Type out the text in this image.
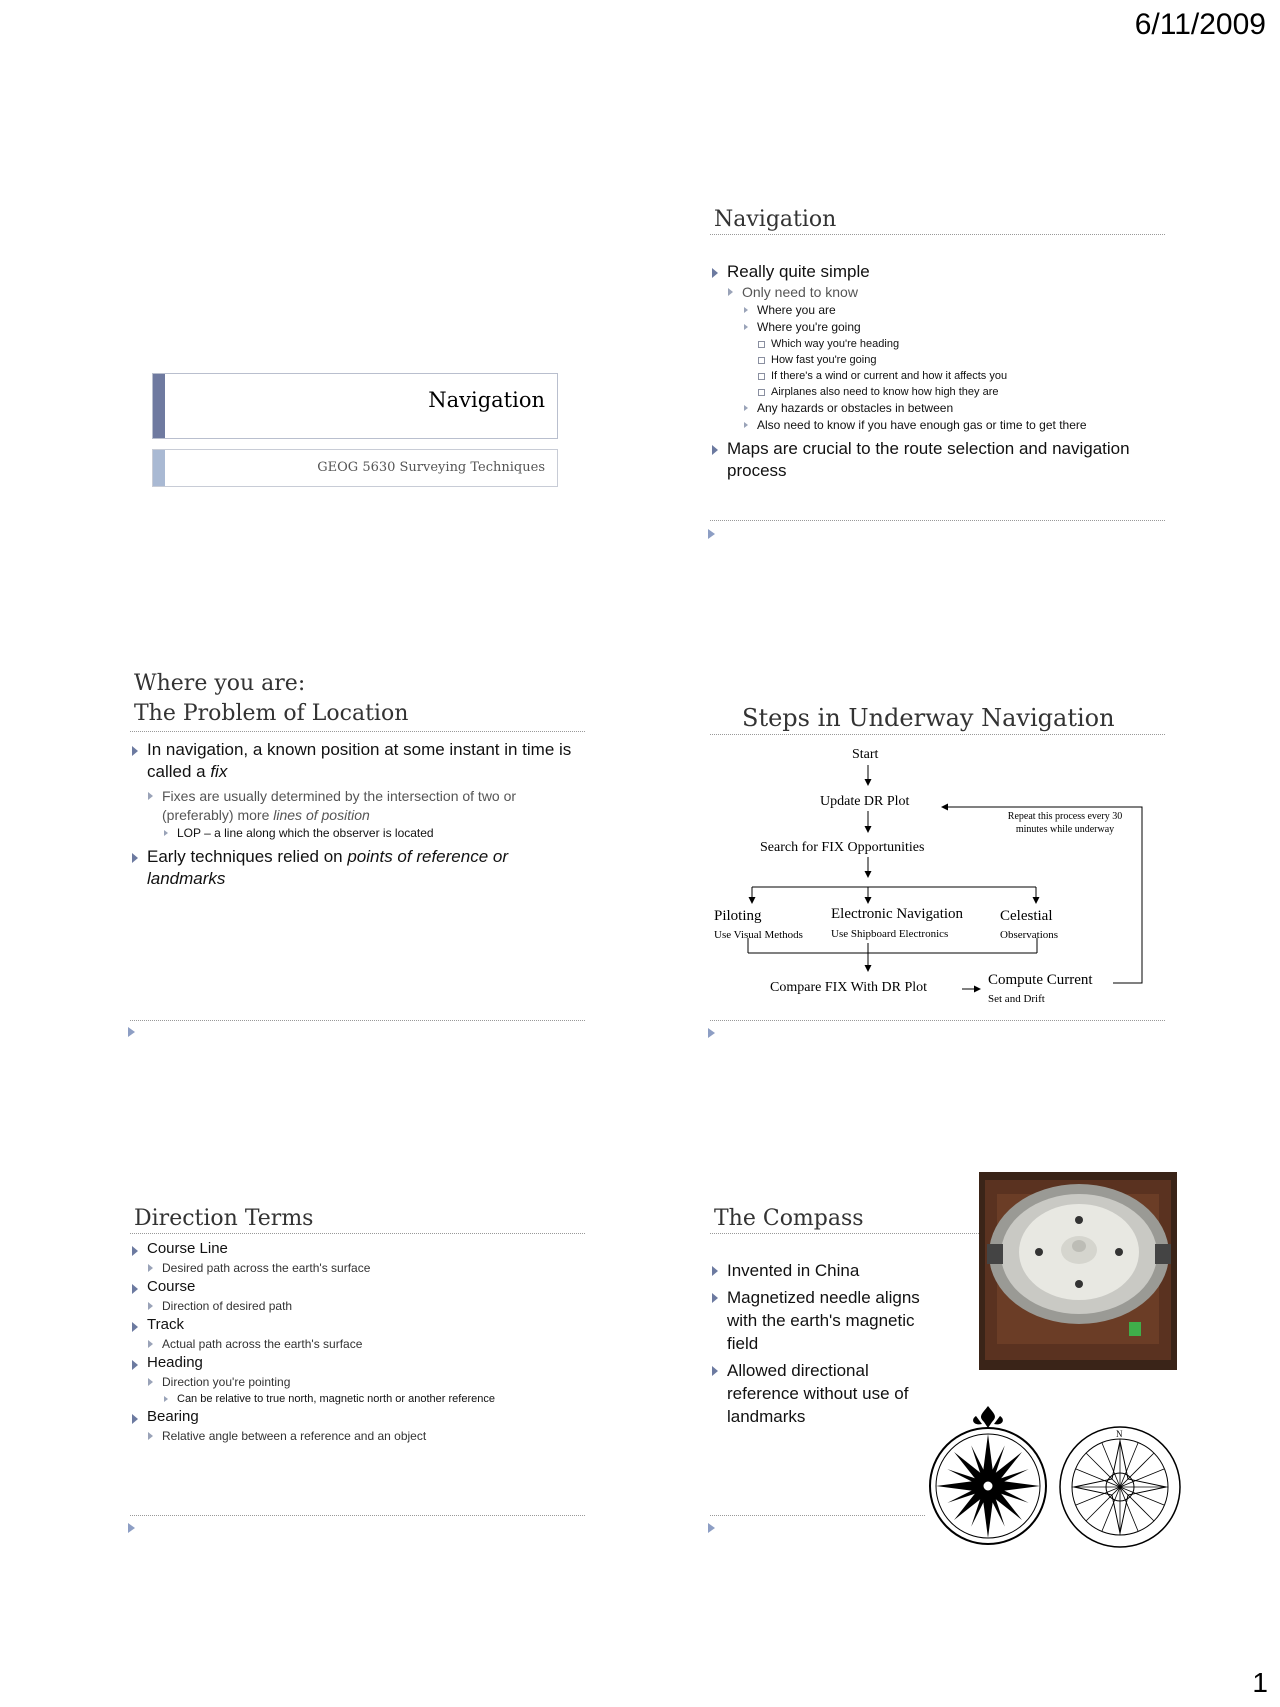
6/11/2009
Navigation
GEOG 5630 Surveying Techniques
Navigation
Really quite simple
Only need to know
Where you are
Where you're going
Which way you're heading
How fast you're going
If there's a wind or current and how it affects you
Airplanes also need to know how high they are
Any hazards or obstacles in between
Also need to know if you have enough gas or time to get there
Maps are crucial to the route selection and navigation process
Where you are:
The Problem of Location
In navigation, a known position at some instant in time is called a fix
Fixes are usually determined by the intersection of two or (preferably) more lines of position
LOP – a line along which the observer is located
Early techniques relied on points of reference or landmarks
Steps in Underway Navigation
Start
Update DR Plot
Repeat this process every 30 minutes while underway
Search for FIX Opportunities
Piloting
Use Visual Methods
Electronic Navigation
Use Shipboard Electronics
Celestial
Observations
Compare FIX With DR Plot	Compute Current
Set and Drift
Direction Terms
Course Line
Desired path across the earth's surface
Course
Direction of desired path
Track
Actual path across the earth's surface
Heading
Direction you're pointing
Can be relative to true north, magnetic north or another reference
Bearing
Relative angle between a reference and an object
The Compass
Invented in China
Magnetized needle aligns with the earth's magnetic field
Allowed directional reference without use of landmarks
N
1
